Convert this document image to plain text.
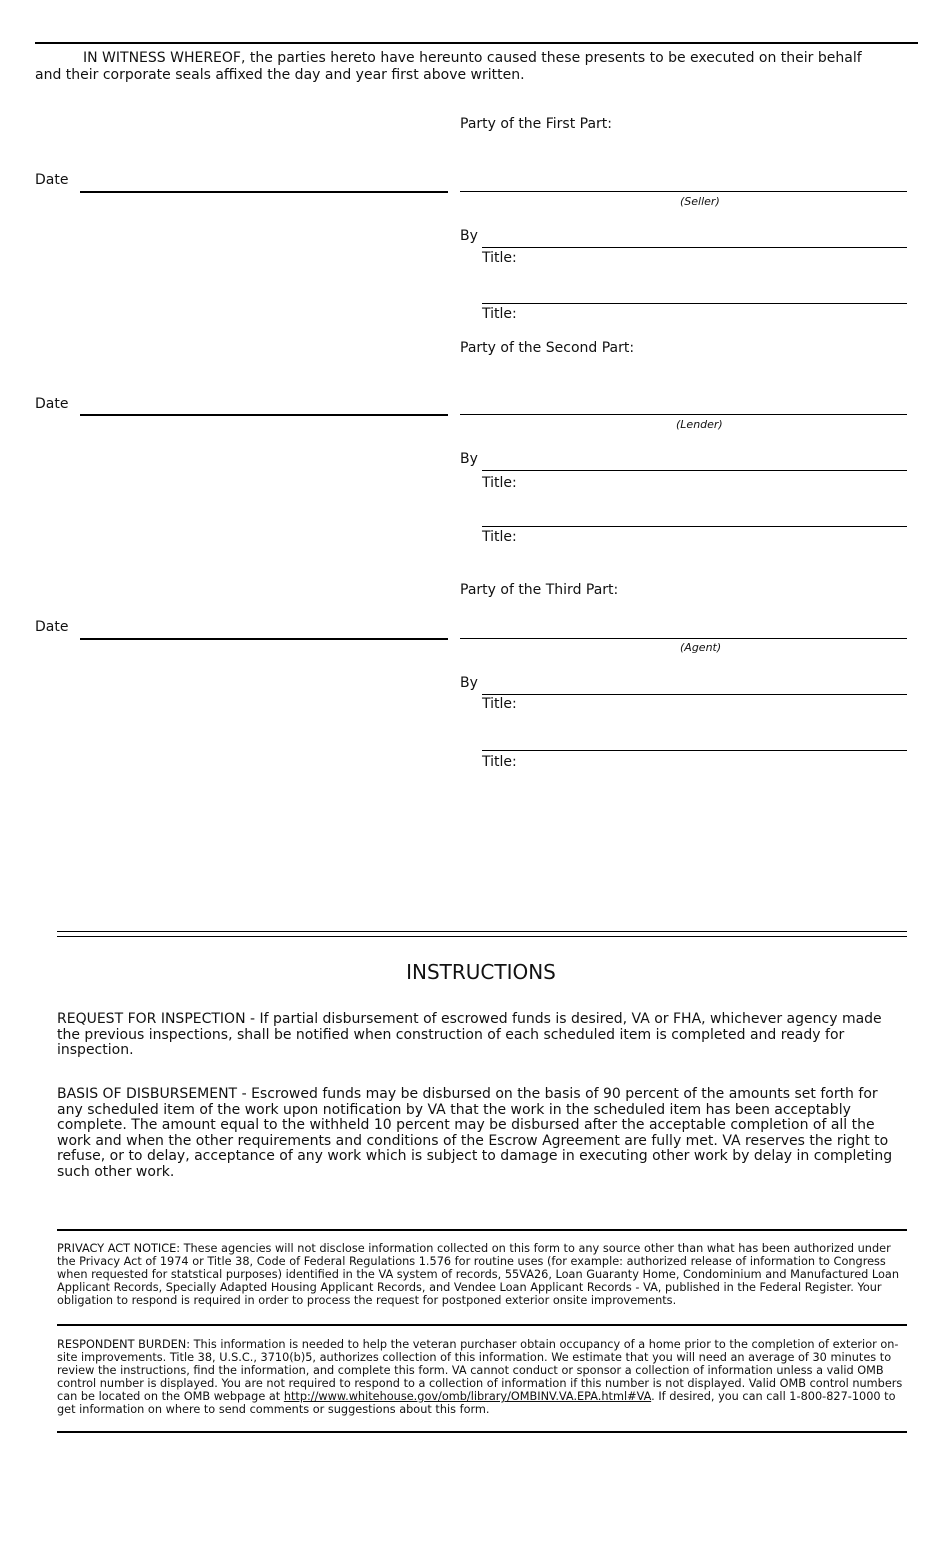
IN WITNESS WHEREOF, the parties hereto have hereunto caused these presents to be executed on their behalf
and their corporate seals affixed the day and year first above written.
Party of the First Part:
Date
(Seller)
By
Title:
Title:
Party of the Second Part:
Date
(Lender)
By
Title:
Title:
Party of the Third Part:
Date
(Agent)
By
Title:
Title:
INSTRUCTIONS
REQUEST FOR INSPECTION - If partial disbursement of escrowed funds is desired, VA or FHA, whichever agency made the previous inspections, shall be notified when construction of each scheduled item is completed and ready for inspection.
BASIS OF DISBURSEMENT - Escrowed funds may be disbursed on the basis of 90 percent of the amounts set forth for any scheduled item of the work upon notification by VA that the work in the scheduled item has been acceptably complete. The amount equal to the withheld 10 percent may be disbursed after the acceptable completion of all the work and when the other requirements and conditions of the Escrow Agreement are fully met. VA reserves the right to refuse, or to delay, acceptance of any work which is subject to damage in executing other work by delay in completing such other work.
PRIVACY ACT NOTICE: These agencies will not disclose information collected on this form to any source other than what has been authorized under the Privacy Act of 1974 or Title 38, Code of Federal Regulations 1.576 for routine uses (for example: authorized release of information to Congress when requested for statstical purposes) identified in the VA system of records, 55VA26, Loan Guaranty Home, Condominium and Manufactured Loan Applicant Records, Specially Adapted Housing Applicant Records, and Vendee Loan Applicant Records - VA, published in the Federal Register. Your obligation to respond is required in order to process the request for postponed exterior onsite improvements.
RESPONDENT BURDEN: This information is needed to help the veteran purchaser obtain occupancy of a home prior to the completion of exterior on-site improvements. Title 38, U.S.C., 3710(b)5, authorizes collection of this information. We estimate that you will need an average of 30 minutes to review the instructions, find the information, and complete this form. VA cannot conduct or sponsor a collection of information unless a valid OMB control number is displayed. You are not required to respond to a collection of information if this number is not displayed. Valid OMB control numbers can be located on the OMB webpage at http://www.whitehouse.gov/omb/library/OMBINV.VA.EPA.html#VA. If desired, you can call 1-800-827-1000 to get information on where to send comments or suggestions about this form.
